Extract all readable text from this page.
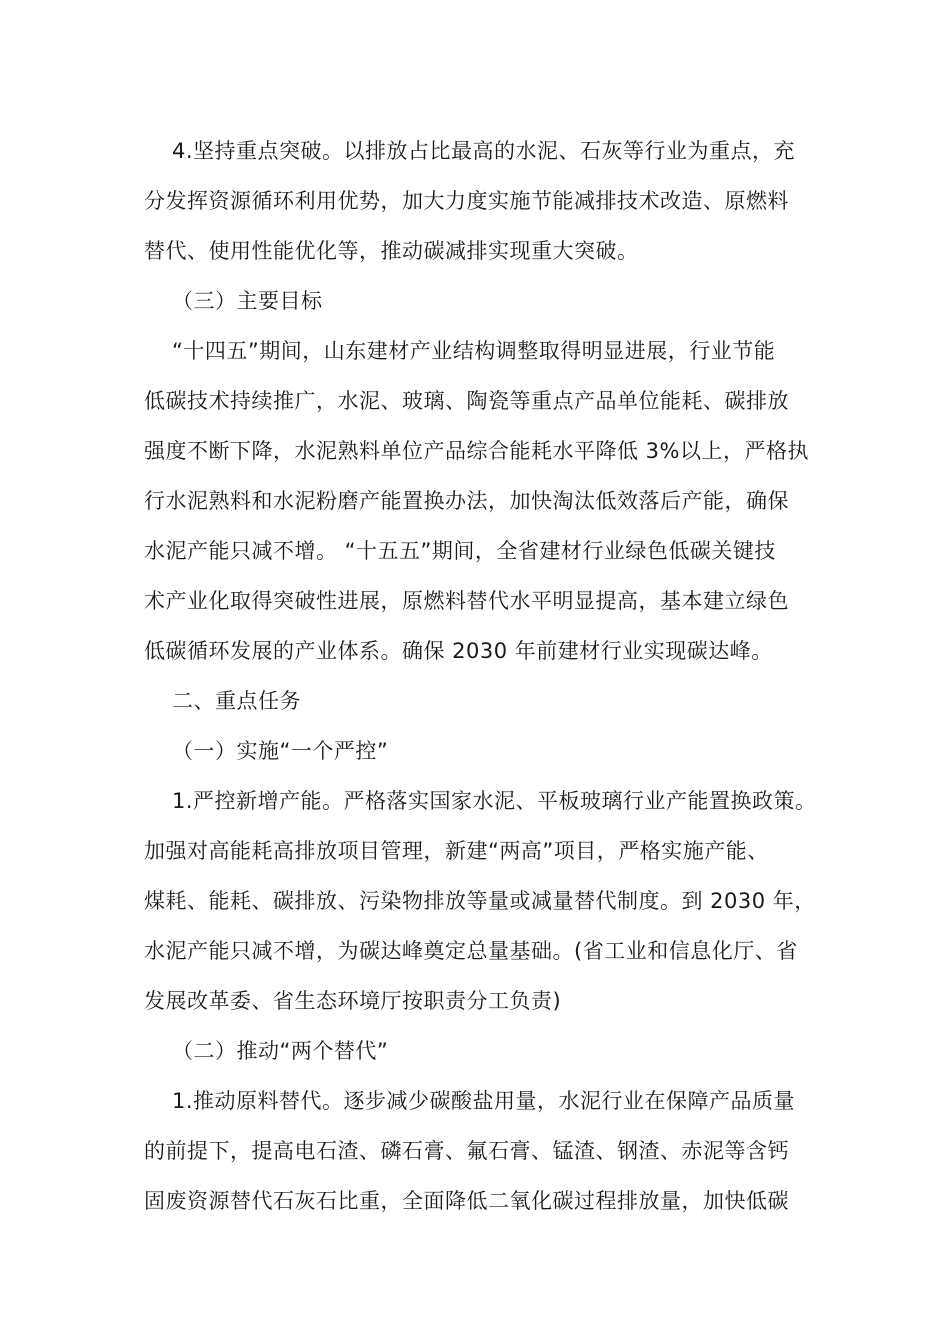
4.坚持重点突破。以排放占比最高的水泥、石灰等行业为重点，充
分发挥资源循环利用优势，加大力度实施节能减排技术改造、原燃料
替代、使用性能优化等，推动碳减排实现重大突破。
（三）主要目标
“十四五”期间，山东建材产业结构调整取得明显进展，行业节能
低碳技术持续推广，水泥、玻璃、陶瓷等重点产品单位能耗、碳排放
强度不断下降，水泥熟料单位产品综合能耗水平降低 3%以上，严格执
行水泥熟料和水泥粉磨产能置换办法，加快淘汰低效落后产能，确保
水泥产能只减不增。 “十五五”期间，全省建材行业绿色低碳关键技
术产业化取得突破性进展，原燃料替代水平明显提高，基本建立绿色
低碳循环发展的产业体系。确保 2030 年前建材行业实现碳达峰。
二、重点任务
（一）实施“一个严控”
1.严控新增产能。严格落实国家水泥、平板玻璃行业产能置换政策。
加强对高能耗高排放项目管理，新建“两高”项目，严格实施产能、
煤耗、能耗、碳排放、污染物排放等量或减量替代制度。到 2030 年，
水泥产能只减不增，为碳达峰奠定总量基础。(省工业和信息化厅、省
发展改革委、省生态环境厅按职责分工负责)
（二）推动“两个替代”
1.推动原料替代。逐步减少碳酸盐用量，水泥行业在保障产品质量
的前提下，提高电石渣、磷石膏、氟石膏、锰渣、钢渣、赤泥等含钙
固废资源替代石灰石比重，全面降低二氧化碳过程排放量，加快低碳
